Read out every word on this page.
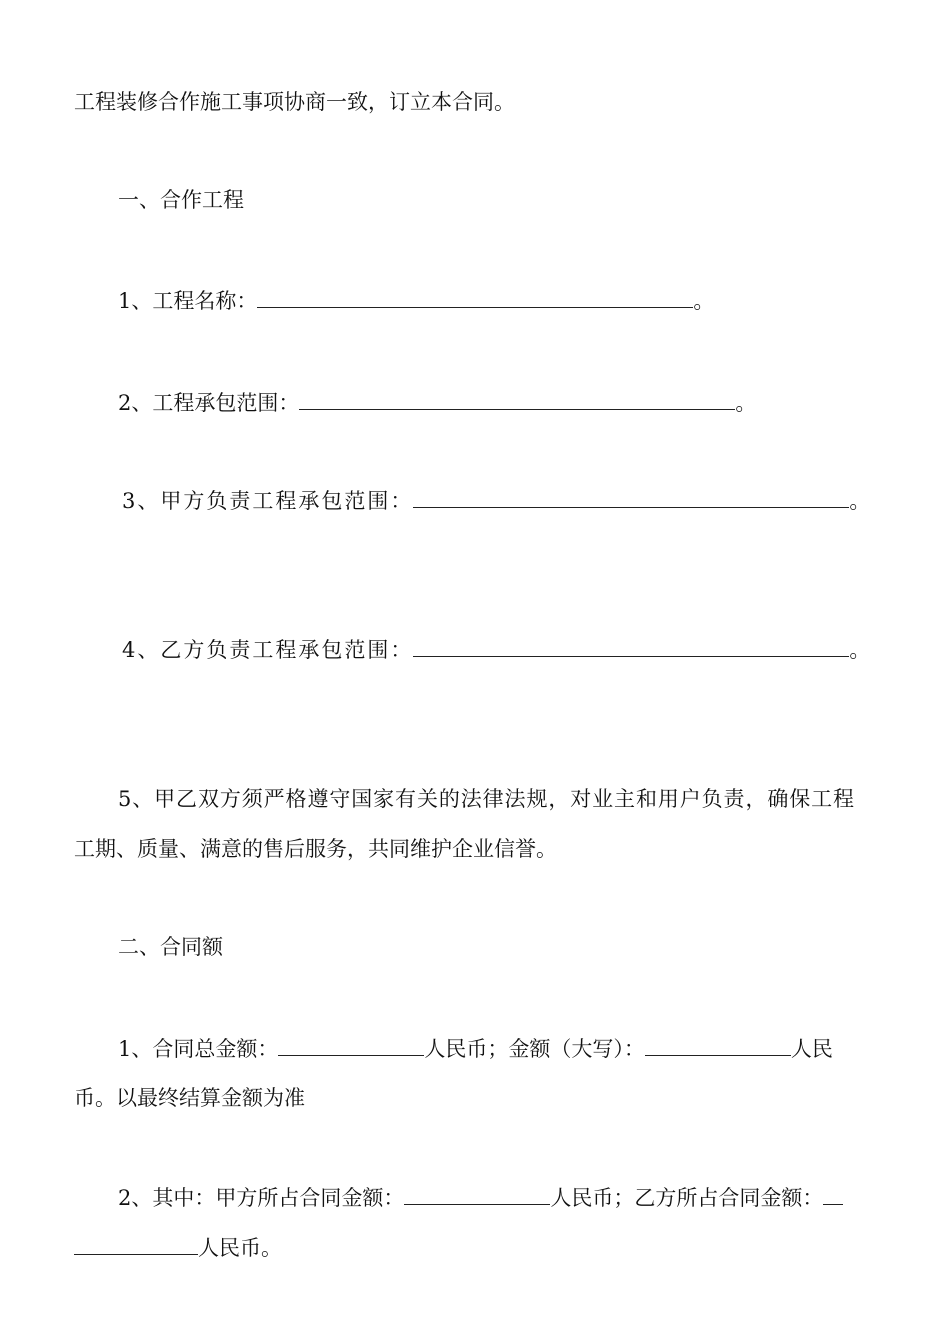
工程装修合作施工事项协商一致，订立本合同。

一、合作工程

1、工程名称：	。
2、工程承包范围：	。
3、甲方负责工程承包范围：	。
4、乙方负责工程承包范围：	。

5、甲乙双方须严格遵守国家有关的法律法规，对业主和用户负责，确保工程

工期、质量、满意的售后服务，共同维护企业信誉。

二、合同额

1、合同总金额：	人民币；金额（大写）：	人民

币。以最终结算金额为准

2、其中：甲方所占合同金额：	人民币；乙方所占合同金额：
人民币。
